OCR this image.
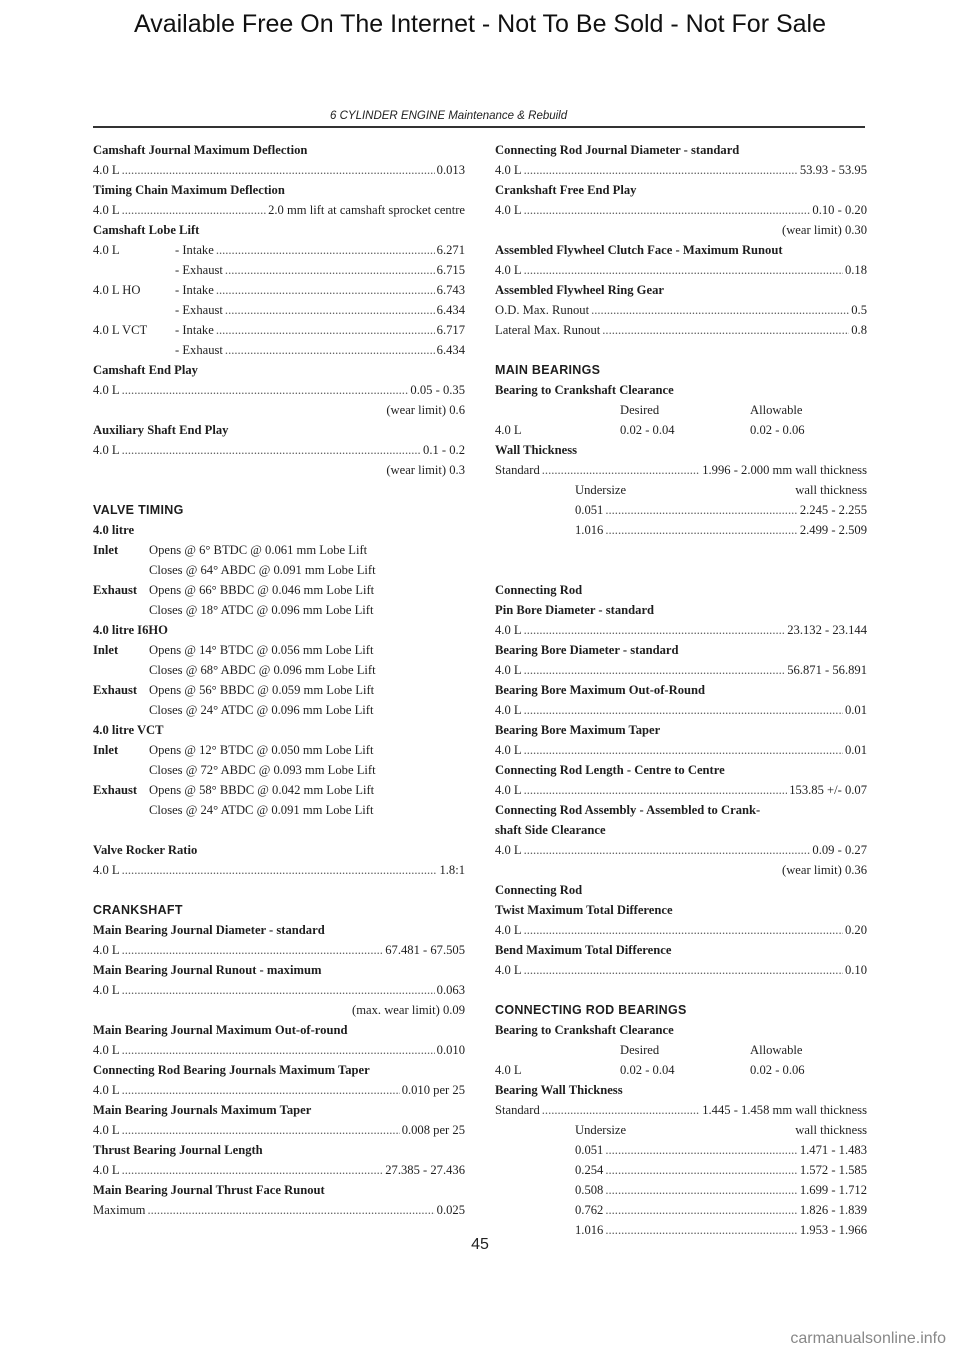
Available Free On The Internet - Not To Be Sold - Not For Sale
6 CYLINDER ENGINE Maintenance & Rebuild
Camshaft Journal Maximum Deflection
4.0 L .....	0.013
Timing Chain Maximum Deflection
4.0 L .....	2.0 mm lift at camshaft sprocket centre
Camshaft Lobe Lift
4.0 L	- Intake .....	6.271
- Exhaust .....	6.715
4.0 L HO	- Intake .....	6.743
- Exhaust .....	6.434
4.0 L VCT	- Intake .....	6.717
- Exhaust .....	6.434
Camshaft End Play
4.0 L .....	0.05 - 0.35
(wear limit) 0.6
Auxiliary Shaft End Play
4.0 L .....	0.1 - 0.2
(wear limit) 0.3
VALVE TIMING
4.0 litre
Inlet	Opens @ 6° BTDC @ 0.061 mm Lobe Lift
Closes @ 64° ABDC @ 0.091 mm Lobe Lift
Exhaust Opens @ 66° BBDC @ 0.046 mm Lobe Lift
Closes @ 18° ATDC @ 0.096 mm Lobe Lift
4.0 litre I6HO
Inlet	Opens @ 14° BTDC @ 0.056 mm Lobe Lift
Closes @ 68° ABDC @ 0.096 mm Lobe Lift
Exhaust Opens @ 56° BBDC @ 0.059 mm Lobe Lift
Closes @ 24° ATDC @ 0.096 mm Lobe Lift
4.0 litre VCT
Inlet	Opens @ 12° BTDC @ 0.050 mm Lobe Lift
Closes @ 72° ABDC @ 0.093 mm Lobe Lift
Exhaust Opens @ 58° BBDC @ 0.042 mm Lobe Lift
Closes @ 24° ATDC @ 0.091 mm Lobe Lift
Valve Rocker Ratio
4.0 L .....	1.8:1
CRANKSHAFT
Main Bearing Journal Diameter - standard
4.0 L .....	67.481 - 67.505
Main Bearing Journal Runout - maximum
4.0 L .....	0.063
(max. wear limit) 0.09
Main Bearing Journal Maximum Out-of-round
4.0 L .....	0.010
Connecting Rod Bearing Journals Maximum Taper
4.0 L .....	0.010 per 25
Main Bearing Journals Maximum Taper
4.0 L .....	0.008 per 25
Thrust Bearing Journal Length
4.0 L .....	27.385 - 27.436
Main Bearing Journal Thrust Face Runout
Maximum .....	0.025
Connecting Rod Journal Diameter - standard
4.0 L .....	53.93 - 53.95
Crankshaft Free End Play
4.0 L .....	0.10 - 0.20
(wear limit) 0.30
Assembled Flywheel Clutch Face - Maximum Runout
4.0 L .....	0.18
Assembled Flywheel Ring Gear
O.D. Max. Runout .....	0.5
Lateral Max. Runout .....	0.8
MAIN BEARINGS
Bearing to Crankshaft Clearance
Desired	Allowable
4.0 L	0.02 - 0.04	0.02 - 0.06
Wall Thickness
Standard .....	1.996 - 2.000 mm wall thickness
Undersize	wall thickness
0.051 .....	2.245 - 2.255
1.016 .....	2.499 - 2.509
Connecting Rod
Pin Bore Diameter - standard
4.0 L .....	23.132 - 23.144
Bearing Bore Diameter - standard
4.0 L .....	56.871 - 56.891
Bearing Bore Maximum Out-of-Round
4.0 L .....	0.01
Bearing Bore Maximum Taper
4.0 L .....	0.01
Connecting Rod Length - Centre to Centre
4.0 L .....	153.85 +/- 0.07
Connecting Rod Assembly - Assembled to Crank-
shaft Side Clearance
4.0 L .....	0.09 - 0.27
(wear limit) 0.36
Connecting Rod
Twist Maximum Total Difference
4.0 L .....	0.20
Bend Maximum Total Difference
4.0 L .....	0.10
CONNECTING ROD BEARINGS
Bearing to Crankshaft Clearance
Desired	Allowable
4.0 L	0.02 - 0.04	0.02 - 0.06
Bearing Wall Thickness
Standard .....	1.445 - 1.458 mm wall thickness
Undersize	wall thickness
0.051 .....	1.471 - 1.483
0.254 .....	1.572 - 1.585
0.508 .....	1.699 - 1.712
0.762 .....	1.826 - 1.839
1.016 .....	1.953 - 1.966
45
carmanualsonline.info
